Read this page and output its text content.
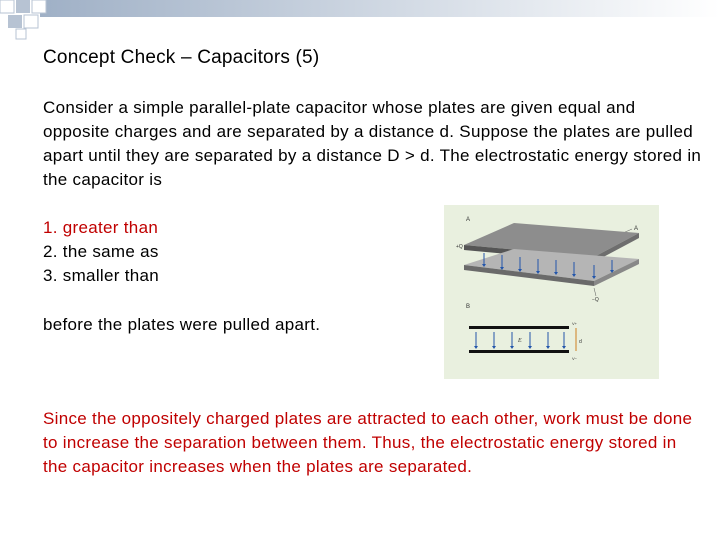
Concept Check – Capacitors (5)
Consider a simple parallel-plate capacitor whose plates are given equal and opposite charges and are separated by a distance d. Suppose the plates are pulled apart until they are separated by a distance D > d. The electrostatic energy stored in the capacitor is

1. greater than

2. the same as

3. smaller than

before the plates were pulled apart.
A
A
+Q
−Q
B
E	d
V+
V−
Since the oppositely charged plates are attracted to each other, work must be done to increase the separation between them. Thus, the electrostatic energy stored in the capacitor increases when the plates are separated.
